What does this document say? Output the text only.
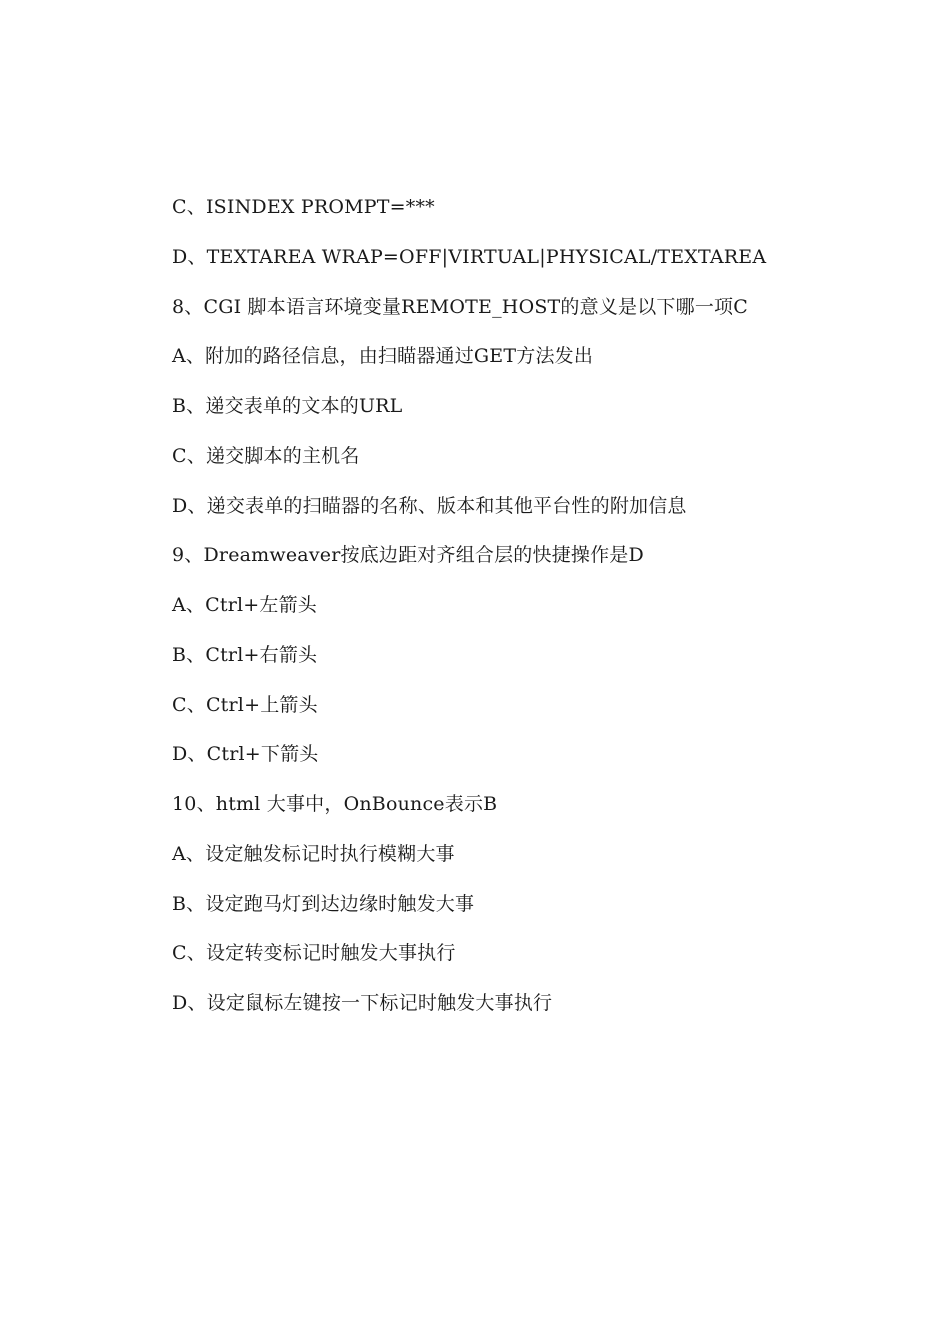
C、ISINDEX PROMPT=***
D、TEXTAREA WRAP=OFF|VIRTUAL|PHYSICAL/TEXTAREA
8、CGI 脚本语言环境变量REMOTE_HOST的意义是以下哪一项C
A、附加的路径信息，由扫瞄器通过GET方法发出
B、递交表单的文本的URL
C、递交脚本的主机名
D、递交表单的扫瞄器的名称、版本和其他平台性的附加信息
9、Dreamweaver按底边距对齐组合层的快捷操作是D
A、Ctrl+左箭头
B、Ctrl+右箭头
C、Ctrl+上箭头
D、Ctrl+下箭头
10、html 大事中，OnBounce表示B
A、设定触发标记时执行模糊大事
B、设定跑马灯到达边缘时触发大事
C、设定转变标记时触发大事执行
D、设定鼠标左键按一下标记时触发大事执行
